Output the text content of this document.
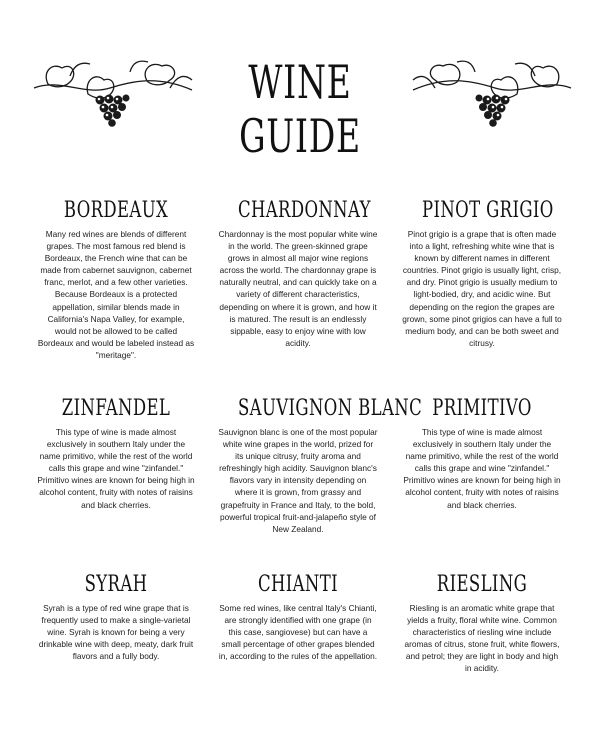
WINE GUIDE
BORDEAUX

Many red wines are blends of different grapes. The most famous red blend is Bordeaux, the French wine that can be made from cabernet sauvignon, cabernet franc, merlot, and a few other varieties. Because Bordeaux is a protected appellation, similar blends made in California's Napa Valley, for example, would not be allowed to be called Bordeaux and would be labeled instead as "meritage".

CHARDONNAY

Chardonnay is the most popular white wine in the world. The green-skinned grape grows in almost all major wine regions across the world. The chardonnay grape is naturally neutral, and can quickly take on a variety of different characteristics, depending on where it is grown, and how it is matured. The result is an endlessly sippable, easy to enjoy wine with low acidity.

PINOT GRIGIO

Pinot grigio is a grape that is often made into a light, refreshing white wine that is known by different names in different countries. Pinot grigio is usually light, crisp, and dry. Pinot grigio is usually medium to light-bodied, dry, and acidic wine. But depending on the region the grapes are grown, some pinot grigios can have a full to medium body, and can be both sweet and citrusy.

ZINFANDEL

This type of wine is made almost exclusively in southern Italy under the name primitivo, while the rest of the world calls this grape and wine "zinfandel." Primitivo wines are known for being high in alcohol content, fruity with notes of raisins and black cherries.

SAUVIGNON BLANC

Sauvignon blanc is one of the most popular white wine grapes in the world, prized for its unique citrusy, fruity aroma and refreshingly high acidity. Sauvignon blanc's flavors vary in intensity depending on where it is grown, from grassy and grapefruity in France and Italy, to the bold, powerful tropical fruit-and-jalapeño style of New Zealand.

PRIMITIVO

This type of wine is made almost exclusively in southern Italy under the name primitivo, while the rest of the world calls this grape and wine "zinfandel." Primitivo wines are known for being high in alcohol content, fruity with notes of raisins and black cherries.

SYRAH

Syrah is a type of red wine grape that is frequently used to make a single-varietal wine. Syrah is known for being a very drinkable wine with deep, meaty, dark fruit flavors and a fully body.

CHIANTI

Some red wines, like central Italy's Chianti, are strongly identified with one grape (in this case, sangiovese) but can have a small percentage of other grapes blended in, according to the rules of the appellation.

RIESLING

Riesling is an aromatic white grape that yields a fruity, floral white wine. Common characteristics of riesling wine include aromas of citrus, stone fruit, white flowers, and petrol; they are light in body and high in acidity.
